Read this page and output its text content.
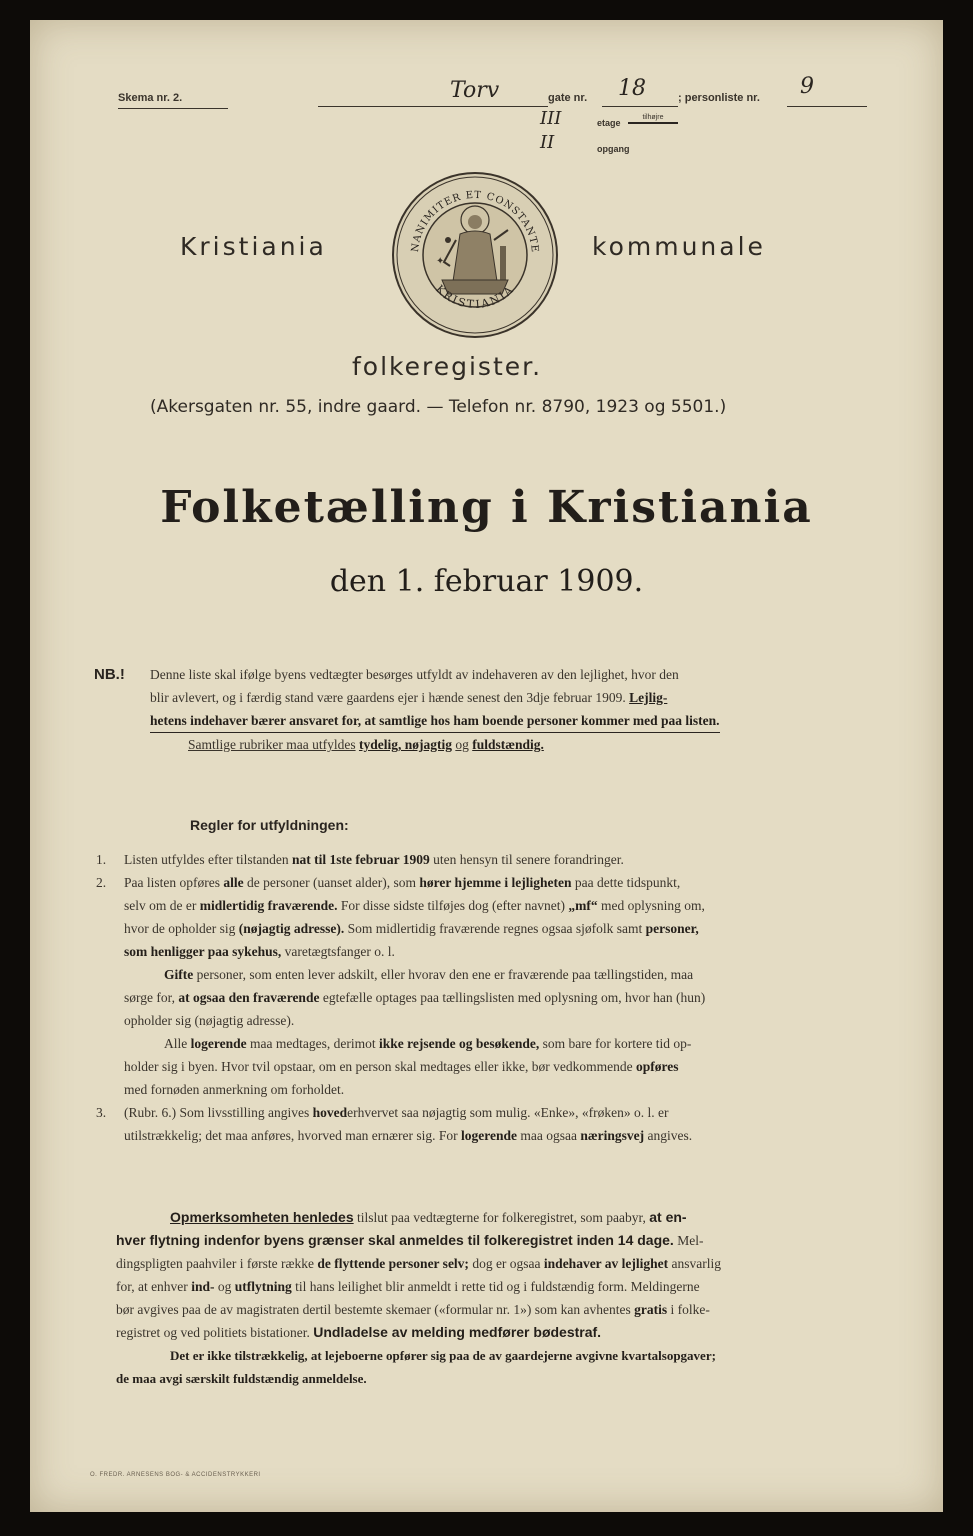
Skema nr. 2.	Torv	gate nr. 18	; personliste nr. 9
III	etage
tilhøjre
II	opgang
Kristiania	kommunale
✦
NANIMITER ET CONSTANTE
KRISTIANIA
folkeregister.
(Akersgaten nr. 55, indre gaard. — Telefon nr. 8790, 1923 og 5501.)
Folketælling i Kristiania
den 1. februar 1909.
NB.! Denne liste skal ifølge byens vedtægter besørges utfyldt av indehaveren av den lejlighet, hvor den
blir avlevert, og i færdig stand være gaardens ejer i hænde senest den 3dje februar 1909. Lejlig-
hetens indehaver bærer ansvaret for, at samtlige hos ham boende personer kommer med paa listen.
Samtlige rubriker maa utfyldes tydelig, nøjagtig og fuldstændig.
Regler for utfyldningen:
1. Listen utfyldes efter tilstanden nat til 1ste februar 1909 uten hensyn til senere forandringer.
2. Paa listen opføres alle de personer (uanset alder), som hører hjemme i lejligheten paa dette tidspunkt,
selv om de er midlertidig fraværende. For disse sidste tilføjes dog (efter navnet) „mf“ med oplysning om,
hvor de opholder sig (nøjagtig adresse). Som midlertidig fraværende regnes ogsaa sjøfolk samt personer,
som henligger paa sykehus, varetægtsfanger o. l.
Gifte personer, som enten lever adskilt, eller hvorav den ene er fraværende paa tællingstiden, maa
sørge for, at ogsaa den fraværende egtefælle optages paa tællingslisten med oplysning om, hvor han (hun)
opholder sig (nøjagtig adresse).
Alle logerende maa medtages, derimot ikke rejsende og besøkende, som bare for kortere tid op-
holder sig i byen. Hvor tvil opstaar, om en person skal medtages eller ikke, bør vedkommende opføres
med fornøden anmerkning om forholdet.
3. (Rubr. 6.) Som livsstilling angives hovederhvervet saa nøjagtig som mulig. «Enke», «frøken» o. l. er
utilstrækkelig; det maa anføres, hvorved man ernærer sig. For logerende maa ogsaa næringsvej angives.
Opmerksomheten henledes tilslut paa vedtægterne for folkeregistret, som paabyr, at en-
hver flytning indenfor byens grænser skal anmeldes til folkeregistret inden 14 dage. Mel-
dingspligten paahviler i første række de flyttende personer selv; dog er ogsaa indehaver av lejlighet ansvarlig
for, at enhver ind- og utflytning til hans leilighet blir anmeldt i rette tid og i fuldstændig form. Meldingerne
bør avgives paa de av magistraten dertil bestemte skemaer («formular nr. 1») som kan avhentes gratis i folke-
registret og ved politiets bistationer. Undladelse av melding medfører bødestraf.
Det er ikke tilstrækkelig, at lejeboerne opfører sig paa de av gaardejerne avgivne kvartalsopgaver;
de maa avgi særskilt fuldstændig anmeldelse.
O. FREDR. ARNESENS BOG- & ACCIDENSTRYKKERI
